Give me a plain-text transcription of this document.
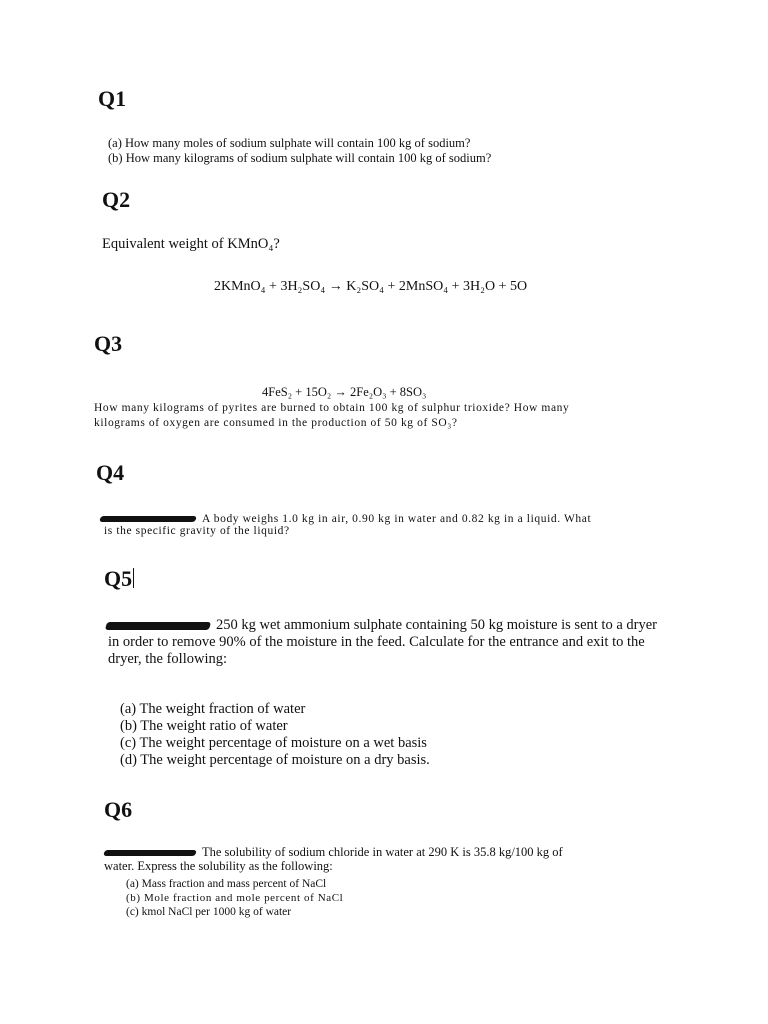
Q1
(a) How many moles of sodium sulphate will contain 100 kg of sodium?
(b) How many kilograms of sodium sulphate will contain 100 kg of sodium?
Q2
Equivalent weight of KMnO₄?
2KMnO₄ + 3H₂SO₄ → K₂SO₄ + 2MnSO₄ + 3H₂O + 5O
Q3
4FeS₂ + 15O₂ → 2Fe₂O₃ + 8SO₃
How many kilograms of pyrites are burned to obtain 100 kg of sulphur trioxide? How many
kilograms of oxygen are consumed in the production of 50 kg of SO₃?
Q4
A body weighs 1.0 kg in air, 0.90 kg in water and 0.82 kg in a liquid. What
is the specific gravity of the liquid?
Q5
250 kg wet ammonium sulphate containing 50 kg moisture is sent to a dryer
in order to remove 90% of the moisture in the feed. Calculate for the entrance and exit to the
dryer, the following:
(a) The weight fraction of water
(b) The weight ratio of water
(c) The weight percentage of moisture on a wet basis
(d) The weight percentage of moisture on a dry basis.
Q6
The solubility of sodium chloride in water at 290 K is 35.8 kg/100 kg of
water. Express the solubility as the following:
(a) Mass fraction and mass percent of NaCl
(b) Mole fraction and mole percent of NaCl
(c) kmol NaCl per 1000 kg of water
